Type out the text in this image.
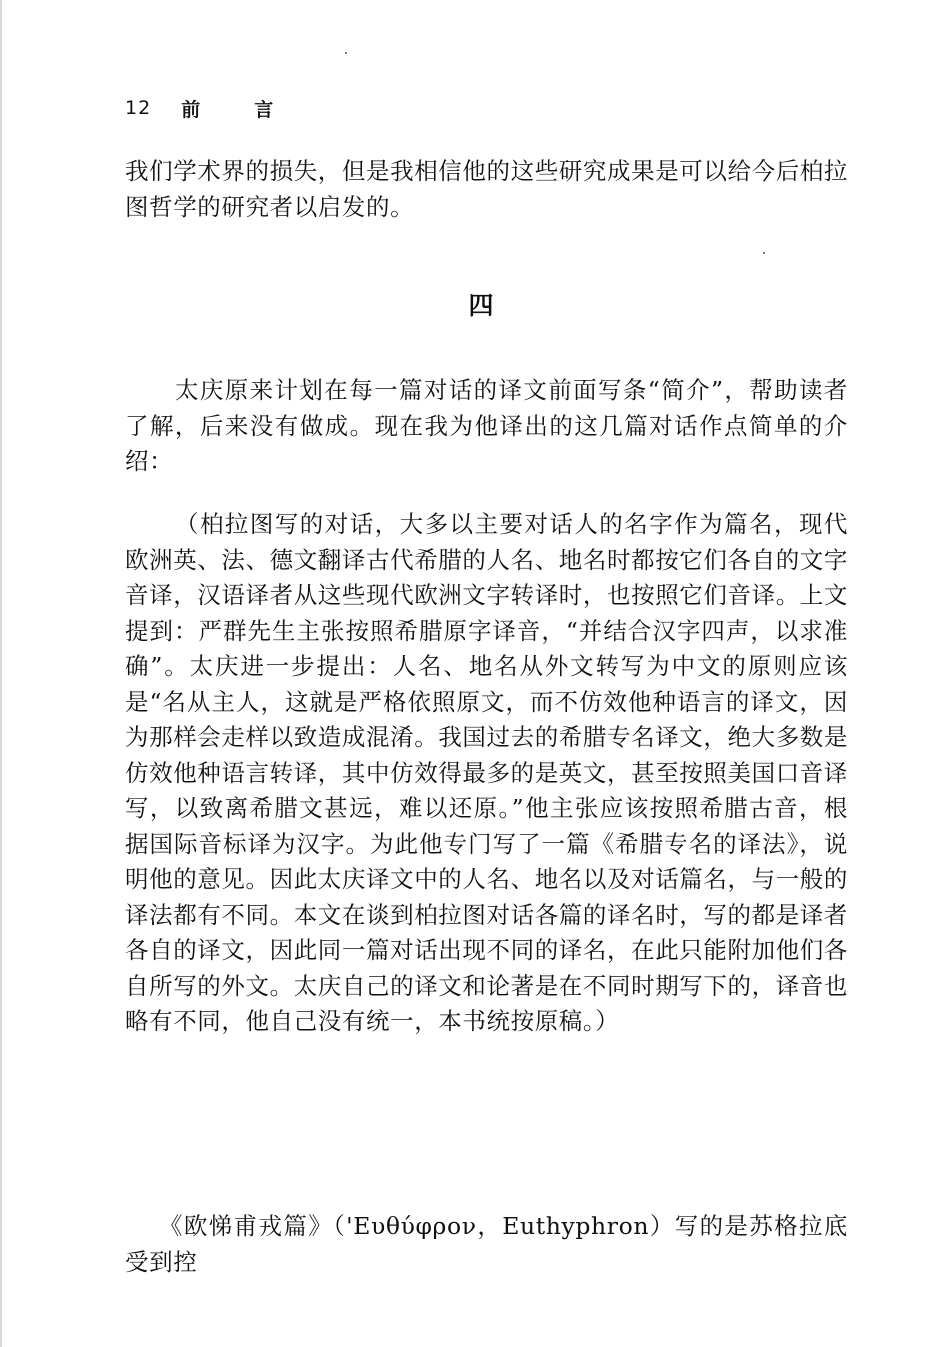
12 前言

我们学术界的损失，但是我相信他的这些研究成果是可以给今后柏拉图哲学的研究者以启发的。

四

太庆原来计划在每一篇对话的译文前面写条“简介”，帮助读者了解，后来没有做成。现在我为他译出的这几篇对话作点简单的介绍：

（柏拉图写的对话，大多以主要对话人的名字作为篇名，现代欧洲英、法、德文翻译古代希腊的人名、地名时都按它们各自的文字音译，汉语译者从这些现代欧洲文字转译时，也按照它们音译。上文提到：严群先生主张按照希腊原字译音，“并结合汉字四声，以求准确”。太庆进一步提出：人名、地名从外文转写为中文的原则应该是“名从主人，这就是严格依照原文，而不仿效他种语言的译文，因为那样会走样以致造成混淆。我国过去的希腊专名译文，绝大多数是仿效他种语言转译，其中仿效得最多的是英文，甚至按照美国口音译写，以致离希腊文甚远，难以还原。”他主张应该按照希腊古音，根据国际音标译为汉字。为此他专门写了一篇《希腊专名的译法》，说明他的意见。因此太庆译文中的人名、地名以及对话篇名，与一般的译法都有不同。本文在谈到柏拉图对话各篇的译名时，写的都是译者各自的译文，因此同一篇对话出现不同的译名，在此只能附加他们各自所写的外文。太庆自己的译文和论著是在不同时期写下的，译音也略有不同，他自己没有统一，本书统按原稿。）

《欧悌甫戎篇》（'Ευθύφρον，Euthyphron）写的是苏格拉底受到控
